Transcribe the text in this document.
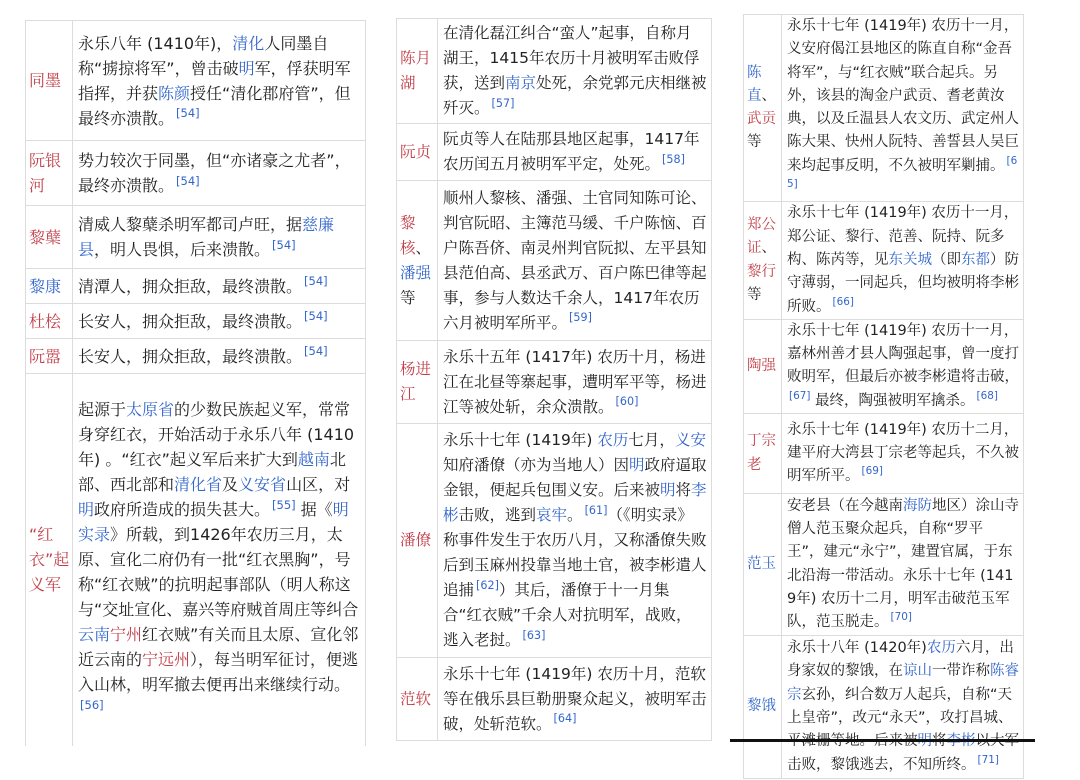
同墨	永乐八年 (1410年)，清化人同墨自称“掳掠将军”，曾击破明军，俘获明军指挥，并获陈颜授任“清化郡府管”，但最终亦溃散。 [54]
阮银河	势力较次于同墨，但“亦诸豪之尤者”，最终亦溃散。 [54]
黎蘖	清威人黎蘖杀明军都司卢旺，据慈廉县，明人畏惧，后来溃散。 [54]
黎康	清潭人，拥众拒敌，最终溃散。 [54]
杜桧	长安人，拥众拒敌，最终溃散。 [54]
阮嚣	长安人，拥众拒敌，最终溃散。 [54]
“红衣”起义军	起源于太原省的少数民族起义军，常常身穿红衣，开始活动于永乐八年 (1410年) 。“红衣”起义军后来扩大到越南北部、西北部和清化省及义安省山区，对明政府所造成的损失甚大。 [55] 据《明实录》所载，到1426年农历三月，太原、宣化二府仍有一批“红衣黑胸”，号称“红衣贼”的抗明起事部队（明人称这与“交址宣化、嘉兴等府贼首周庄等纠合云南宁州红衣贼”有关而且太原、宣化邻近云南的宁远州），每当明军征讨，便逃入山林，明军撤去便再出来继续行动。[56]
陈月湖	在清化磊江纠合“蛮人”起事，自称月湖王，1415年农历十月被明军击败俘获，送到南京处死，余党郭元庆相继被歼灭。 [57]
阮贞	阮贞等人在陆那县地区起事，1417年农历闰五月被明军平定，处死。 [58]
黎核、潘强等	顺州人黎核、潘强、土官同知陈可论、判官阮昭、主簿范马缓、千户陈恼、百户陈吾侪、南灵州判官阮拟、左平县知县范伯高、县丞武万、百户陈巴律等起事，参与人数达千余人，1417年农历六月被明军所平。 [59]
杨进江	永乐十五年 (1417年) 农历十月，杨进江在北昼等寨起事，遭明军平等，杨进江等被处斩，余众溃散。 [60]
潘僚	永乐十七年 (1419年) 农历七月，义安知府潘僚（亦为当地人）因明政府逼取金银，便起兵包围义安。后来被明将李彬击败，逃到哀牢。 [61]（《明实录》称事件发生于农历八月，又称潘僚失败后到玉麻州投靠当地土官，被李彬遣人追捕 [62]）其后，潘僚于十一月集合“红衣贼”千余人对抗明军，战败，逃入老挝。 [63]
范软	永乐十七年 (1419年) 农历十月，范软等在俄乐县巨勒册聚众起义，被明军击破，处斩范软。 [64]
陈直、武贡等	永乐十七年 (1419年) 农历十一月，义安府偈江县地区的陈直自称“金吾将军”，与“红衣贼”联合起兵。另外，该县的淘金户武贡、耆老黄汝典，以及丘温县人农文历、武定州人陈大果、快州人阮特、善誓县人吴巨来均起事反明，不久被明军剿捕。 [65]
郑公证、黎行等	永乐十七年 (1419年) 农历十一月，郑公证、黎行、范善、阮持、阮多构、陈芮等，见东关城（即东都）防守薄弱，一同起兵，但均被明将李彬所败。 [66]
陶强	永乐十七年 (1419年) 农历十一月，嘉林州善才县人陶强起事，曾一度打败明军，但最后亦被李彬遣将击破，[67] 最终，陶强被明军擒杀。 [68]
丁宗老	永乐十七年 (1419年) 农历十二月，建平府大湾县丁宗老等起兵，不久被明军所平。 [69]
范玉	安老县（在今越南海防地区）涂山寺僧人范玉聚众起兵，自称“罗平王”，建元“永宁”，建置官属，于东北沿海一带活动。永乐十七年 (1419年) 农历十二月，明军击破范玉军队，范玉脱走。 [70]
黎饿	永乐十八年 (1420年)农历六月，出身家奴的黎饿，在谅山一带诈称陈睿宗玄孙，纠合数万人起兵，自称“天上皇帝”，改元“永天”，攻打昌城、 击败，黎饿逃去，不知所终。 [71]
